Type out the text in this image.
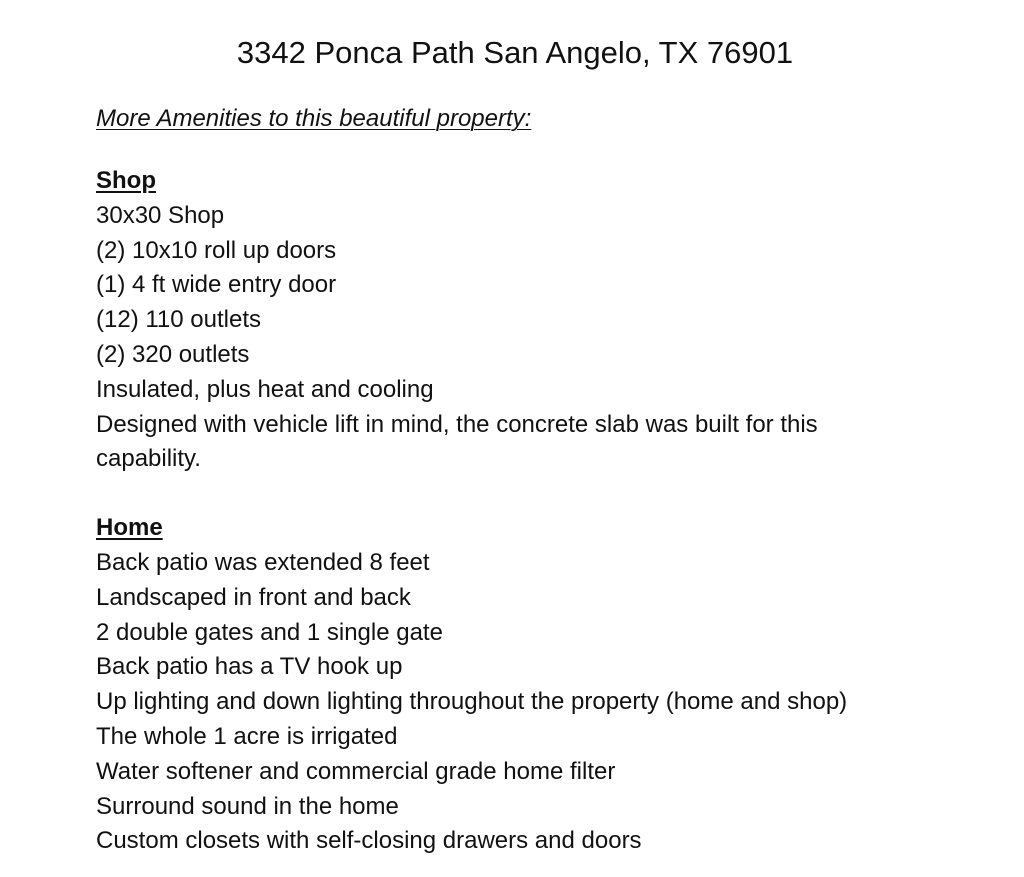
3342 Ponca Path San Angelo, TX 76901

More Amenities to this beautiful property:

Shop

30x30 Shop

(2) 10x10 roll up doors

(1) 4 ft wide entry door

(12) 110 outlets

(2) 320 outlets

Insulated, plus heat and cooling

Designed with vehicle lift in mind, the concrete slab was built for this capability.

Home

Back patio was extended 8 feet

Landscaped in front and back

2 double gates and 1 single gate

Back patio has a TV hook up

Up lighting and down lighting throughout the property (home and shop)

The whole 1 acre is irrigated

Water softener and commercial grade home filter

Surround sound in the home

Custom closets with self-closing drawers and doors
